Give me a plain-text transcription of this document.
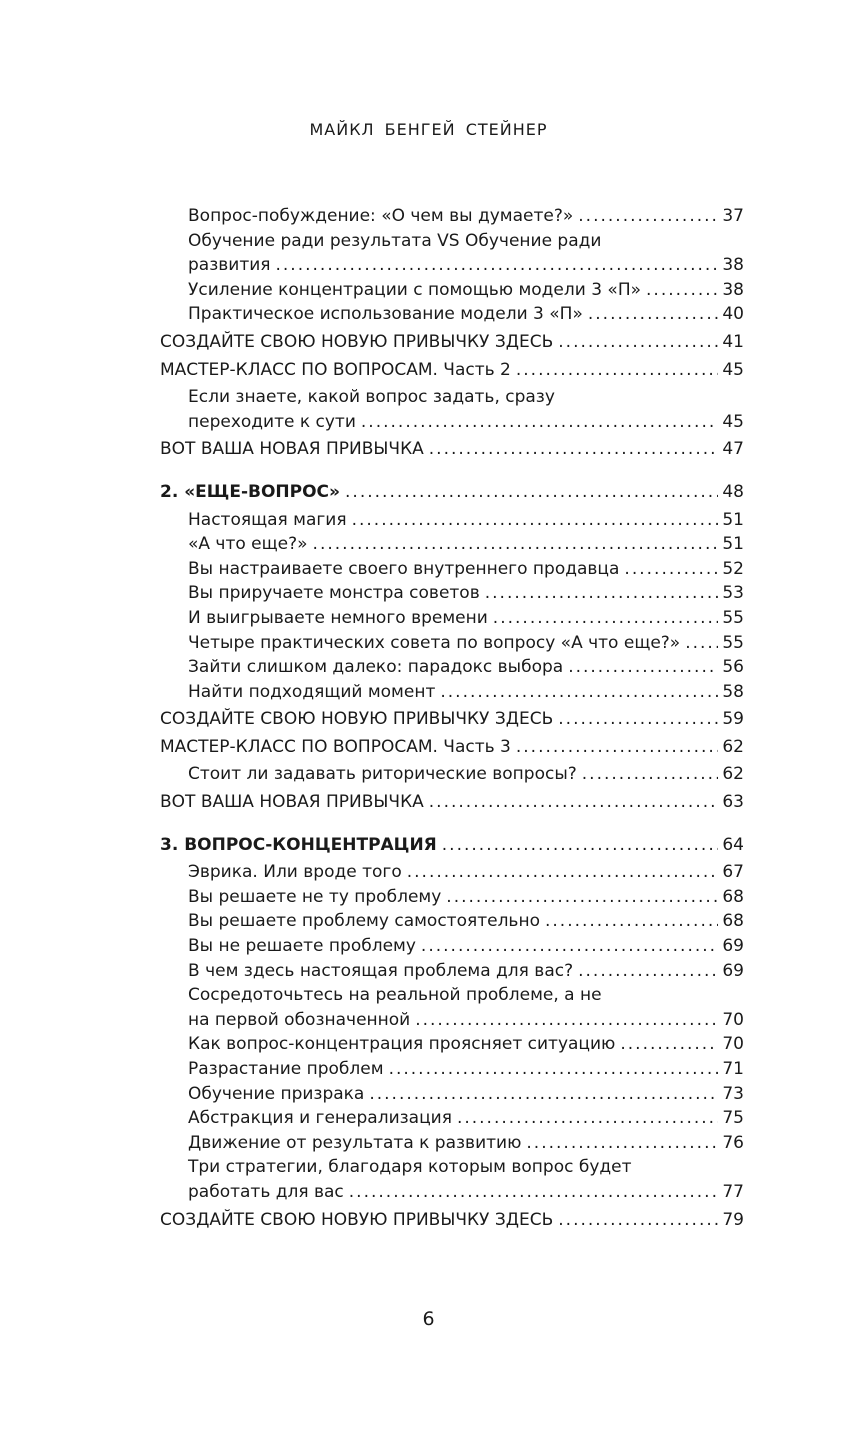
МАЙКЛ БЕНГЕЙ СТЕЙНЕР
Вопрос-побуждение: «О чем вы думаете?» .....	37
Обучение ради результата VS Обучение ради
развития .....	38
Усиление концентрации с помощью модели 3 «П» .....	38
Практическое использование модели 3 «П» .....	40
СОЗДАЙТЕ СВОЮ НОВУЮ ПРИВЫЧКУ ЗДЕСЬ .....	41
МАСТЕР-КЛАСС ПО ВОПРОСАМ. Часть 2 .....	45
Если знаете, какой вопрос задать, сразу
переходите к сути .....	45
ВОТ ВАША НОВАЯ ПРИВЫЧКА .....	47
2. «ЕЩЕ-ВОПРОС» .....	48
Настоящая магия .....	51
«А что еще?» .....	51
Вы настраиваете своего внутреннего продавца .....	52
Вы приручаете монстра советов .....	53
И выигрываете немного времени .....	55
Четыре практических совета по вопросу «А что еще?» ..... 55
Зайти слишком далеко: парадокс выбора .....	56
Найти подходящий момент .....	58
СОЗДАЙТЕ СВОЮ НОВУЮ ПРИВЫЧКУ ЗДЕСЬ .....	59
МАСТЕР-КЛАСС ПО ВОПРОСАМ. Часть 3 .....	62
Стоит ли задавать риторические вопросы? .....	62
ВОТ ВАША НОВАЯ ПРИВЫЧКА .....	63
3. ВОПРОС-КОНЦЕНТРАЦИЯ .....	64
Эврика. Или вроде того .....	67
Вы решаете не ту проблему .....	68
Вы решаете проблему самостоятельно .....	68
Вы не решаете проблему .....	69
В чем здесь настоящая проблема для вас? .....	69
Сосредоточьтесь на реальной проблеме, а не
на первой обозначенной .....	70
Как вопрос-концентрация проясняет ситуацию .....	70
Разрастание проблем .....	71
Обучение призрака .....	73
Абстракция и генерализация .....	75
Движение от результата к развитию .....	76
Три стратегии, благодаря которым вопрос будет
работать для вас .....	77
СОЗДАЙТЕ СВОЮ НОВУЮ ПРИВЫЧКУ ЗДЕСЬ .....	79
6
